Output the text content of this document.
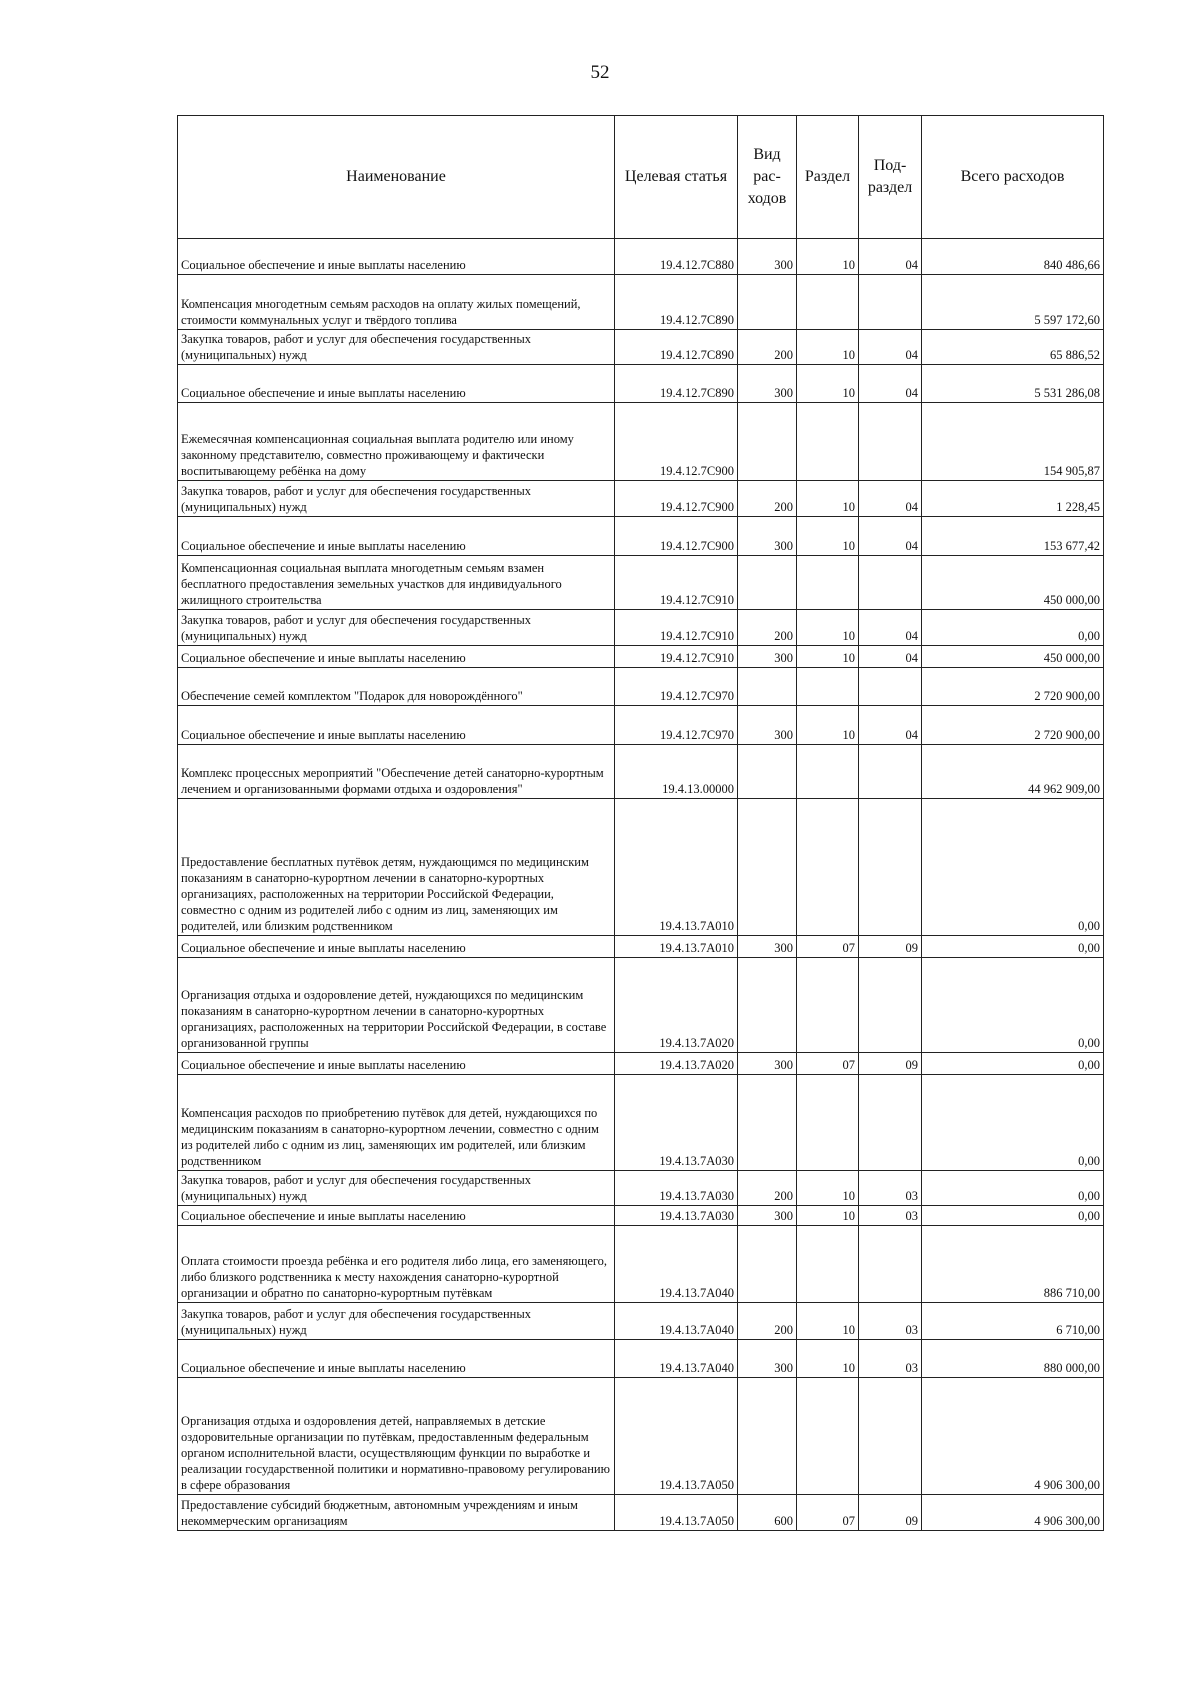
52
Наименование	Целевая статья	Вид рас- ходов	Раздел	Под- раздел	Всего расходов
Социальное обеспечение и иные выплаты населению	19.4.12.7С880	300	10	04	840 486,66
Компенсация многодетным семьям расходов на оплату жилых помещений, стоимости коммунальных услуг и твёрдого топлива	19.4.12.7С890				5 597 172,60
Закупка товаров, работ и услуг для обеспечения государственных (муниципальных) нужд	19.4.12.7С890	200	10	04	65 886,52
Социальное обеспечение и иные выплаты населению	19.4.12.7С890	300	10	04	5 531 286,08
Ежемесячная компенсационная социальная выплата родителю или иному законному представителю, совместно проживающему и фактически воспитывающему ребёнка на дому	19.4.12.7С900				154 905,87
Закупка товаров, работ и услуг для обеспечения государственных (муниципальных) нужд	19.4.12.7С900	200	10	04	1 228,45
Социальное обеспечение и иные выплаты населению	19.4.12.7С900	300	10	04	153 677,42
Компенсационная социальная выплата многодетным семьям взамен бесплатного предоставления земельных участков для индивидуального жилищного строительства	19.4.12.7С910				450 000,00
Закупка товаров, работ и услуг для обеспечения государственных (муниципальных) нужд	19.4.12.7С910	200	10	04	0,00
Социальное обеспечение и иные выплаты населению	19.4.12.7С910	300	10	04	450 000,00
Обеспечение семей комплектом "Подарок для новорождённого"	19.4.12.7С970				2 720 900,00
Социальное обеспечение и иные выплаты населению	19.4.12.7С970	300	10	04	2 720 900,00
Комплекс процессных мероприятий "Обеспечение детей санаторно-курортным лечением и организованными формами отдыха и оздоровления"	19.4.13.00000				44 962 909,00
Предоставление бесплатных путёвок детям, нуждающимся по медицинским показаниям в санаторно-курортном лечении в санаторно-курортных организациях, расположенных на территории Российской Федерации, совместно с одним из родителей либо с одним из лиц, заменяющих им родителей, или близким родственником	19.4.13.7А010				0,00
Социальное обеспечение и иные выплаты населению	19.4.13.7А010	300	07	09	0,00
Организация отдыха и оздоровление детей, нуждающихся по медицинским показаниям в санаторно-курортном лечении в санаторно-курортных организациях, расположенных на территории Российской Федерации, в составе организованной группы	19.4.13.7А020				0,00
Социальное обеспечение и иные выплаты населению	19.4.13.7А020	300	07	09	0,00
Компенсация расходов по приобретению путёвок для детей, нуждающихся по медицинским показаниям в санаторно-курортном лечении, совместно с одним из родителей либо с одним из лиц, заменяющих им родителей, или близким родственником	19.4.13.7А030				0,00
Закупка товаров, работ и услуг для обеспечения государственных (муниципальных) нужд	19.4.13.7А030	200	10	03	0,00
Социальное обеспечение и иные выплаты населению	19.4.13.7А030	300	10	03	0,00
Оплата стоимости проезда ребёнка и его родителя либо лица, его заменяющего, либо близкого родственника к месту нахождения санаторно-курортной организации и обратно по санаторно-курортным путёвкам	19.4.13.7А040				886 710,00
Закупка товаров, работ и услуг для обеспечения государственных (муниципальных) нужд	19.4.13.7А040	200	10	03	6 710,00
Социальное обеспечение и иные выплаты населению	19.4.13.7А040	300	10	03	880 000,00
Организация отдыха и оздоровления детей, направляемых в детские оздоровительные организации по путёвкам, предоставленным федеральным органом исполнительной власти, осуществляющим функции по выработке и реализации государственной политики и нормативно-правовому регулированию в сфере образования	19.4.13.7А050				4 906 300,00
Предоставление субсидий бюджетным, автономным учреждениям и иным некоммерческим организациям	19.4.13.7А050	600	07	09	4 906 300,00
